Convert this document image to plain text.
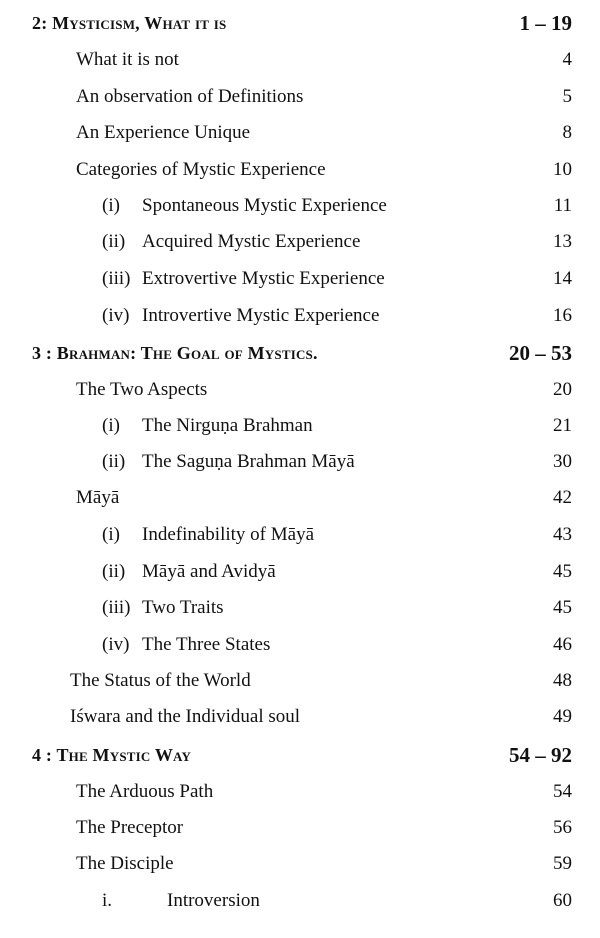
2: Mysticism, What it is	1 – 19
What it is not	4
An observation of Definitions	5
An Experience Unique	8
Categories of Mystic Experience	10
(i) Spontaneous Mystic Experience	11
(ii) Acquired Mystic Experience	13
(iii) Extrovertive Mystic Experience	14
(iv) Introvertive Mystic Experience	16
3 : Brahman: The Goal of Mystics.	20 – 53
The Two Aspects	20
(i) The Nirguṇa Brahman	21
(ii) The Saguṇa Brahman Māyā	30
Māyā	42
(i) Indefinability of Māyā	43
(ii) Māyā and Avidyā	45
(iii) Two Traits	45
(iv) The Three States	46
The Status of the World	48
Iśwara and the Individual soul	49
4 : The Mystic Way	54 – 92
The Arduous Path	54
The Preceptor	56
The Disciple	59
i.	Introversion	60
